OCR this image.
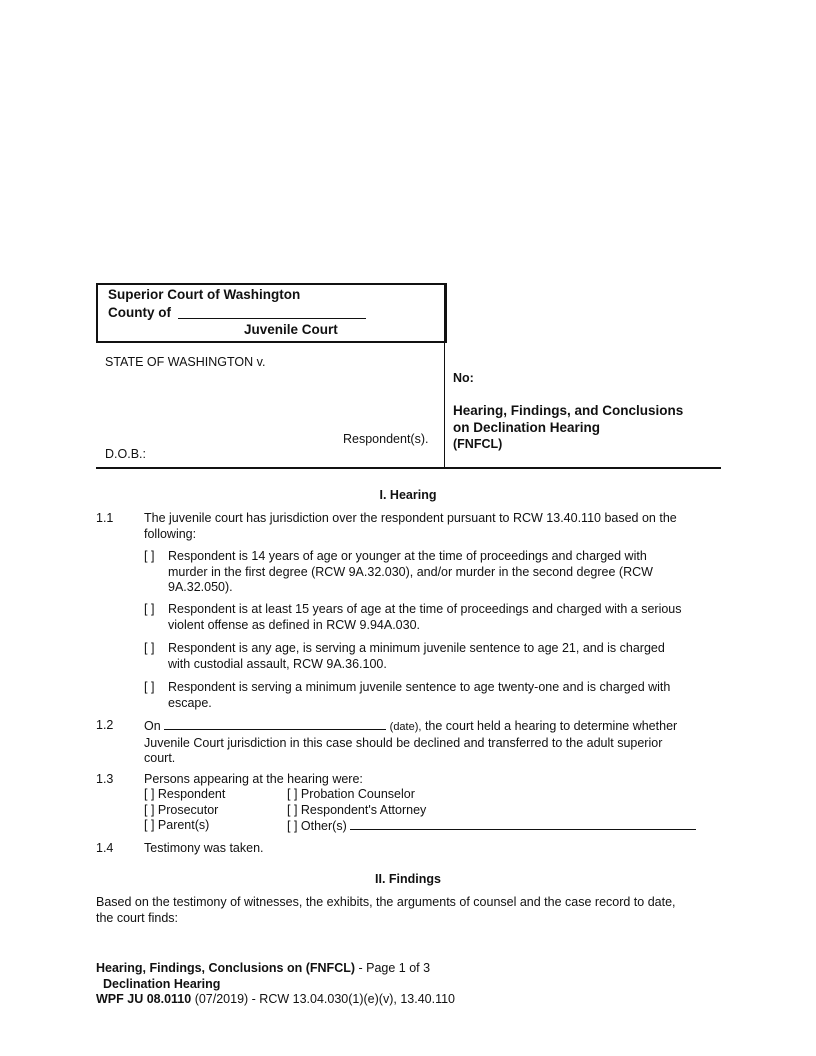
Superior Court of Washington
County of
Juvenile Court
STATE OF WASHINGTON v.
Respondent(s).
D.O.B.:
No:
Hearing, Findings, and Conclusions
on Declination Hearing
(FNFCL)
I. Hearing
1.1 The juvenile court has jurisdiction over the respondent pursuant to RCW 13.40.110 based on the
following:
[ ] Respondent is 14 years of age or younger at the time of proceedings and charged with
murder in the first degree (RCW 9A.32.030), and/or murder in the second degree (RCW
9A.32.050).
[ ] Respondent is at least 15 years of age at the time of proceedings and charged with a serious
violent offense as defined in RCW 9.94A.030.
[ ] Respondent is any age, is serving a minimum juvenile sentence to age 21, and is charged
with custodial assault, RCW 9A.36.100.
[ ] Respondent is serving a minimum juvenile sentence to age twenty-one and is charged with
escape.
1.2 On	(date), the court held a hearing to determine whether
Juvenile Court jurisdiction in this case should be declined and transferred to the adult superior
court.
1.3 Persons appearing at the hearing were:
[ ] Respondent
[ ] Prosecutor
[ ] Parent(s)
[ ] Probation Counselor
[ ] Respondent's Attorney
[ ] Other(s)
1.4 Testimony was taken.
II. Findings
Based on the testimony of witnesses, the exhibits, the arguments of counsel and the case record to date,
the court finds:
Hearing, Findings, Conclusions on (FNFCL) - Page 1 of 3
Declination Hearing
WPF JU 08.0110 (07/2019) - RCW 13.04.030(1)(e)(v), 13.40.110
